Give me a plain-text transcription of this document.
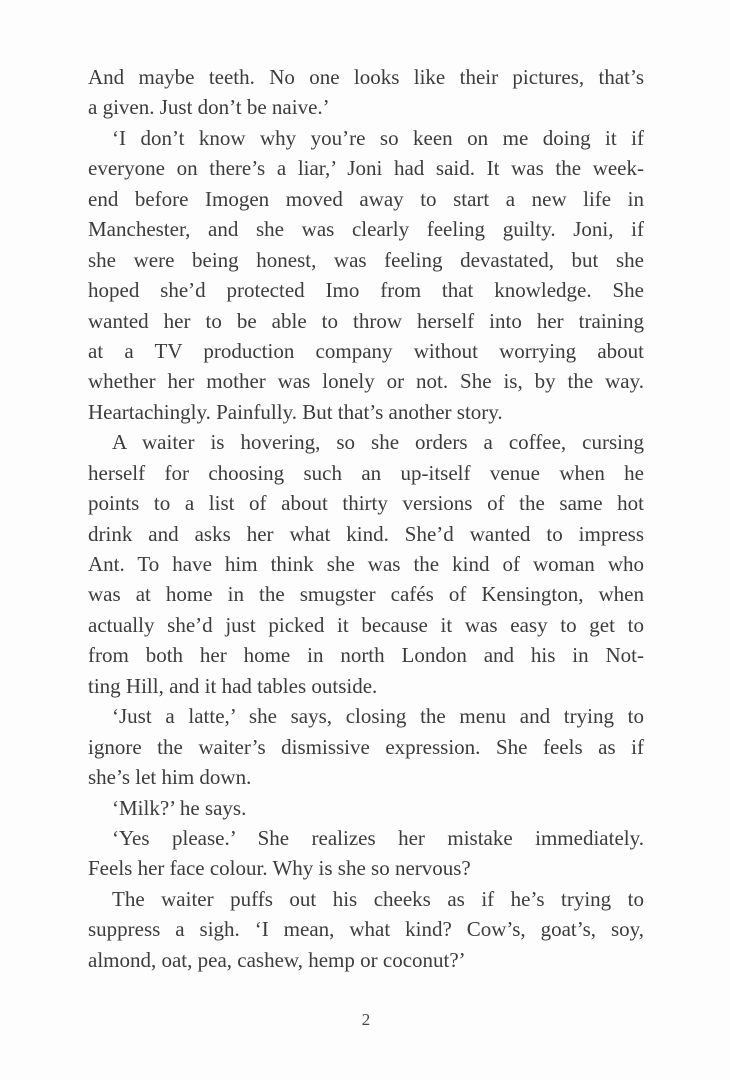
And maybe teeth. No one looks like their pictures, that’s
a given. Just don’t be naive.’
‘I don’t know why you’re so keen on me doing it if
everyone on there’s a liar,’ Joni had said. It was the week-
end before Imogen moved away to start a new life in
Manchester, and she was clearly feeling guilty. Joni, if
she were being honest, was feeling devastated, but she
hoped she’d protected Imo from that knowledge. She
wanted her to be able to throw herself into her training
at a TV production company without worrying about
whether her mother was lonely or not. She is, by the way.
Heartachingly. Painfully. But that’s another story.
A waiter is hovering, so she orders a coffee, cursing
herself for choosing such an up-itself venue when he
points to a list of about thirty versions of the same hot
drink and asks her what kind. She’d wanted to impress
Ant. To have him think she was the kind of woman who
was at home in the smugster cafés of Kensington, when
actually she’d just picked it because it was easy to get to
from both her home in north London and his in Not-
ting Hill, and it had tables outside.
‘Just a latte,’ she says, closing the menu and trying to
ignore the waiter’s dismissive expression. She feels as if
she’s let him down.
‘Milk?’ he says.
‘Yes please.’ She realizes her mistake immediately.
Feels her face colour. Why is she so nervous?
The waiter puffs out his cheeks as if he’s trying to
suppress a sigh. ‘I mean, what kind? Cow’s, goat’s, soy,
almond, oat, pea, cashew, hemp or coconut?’
2
